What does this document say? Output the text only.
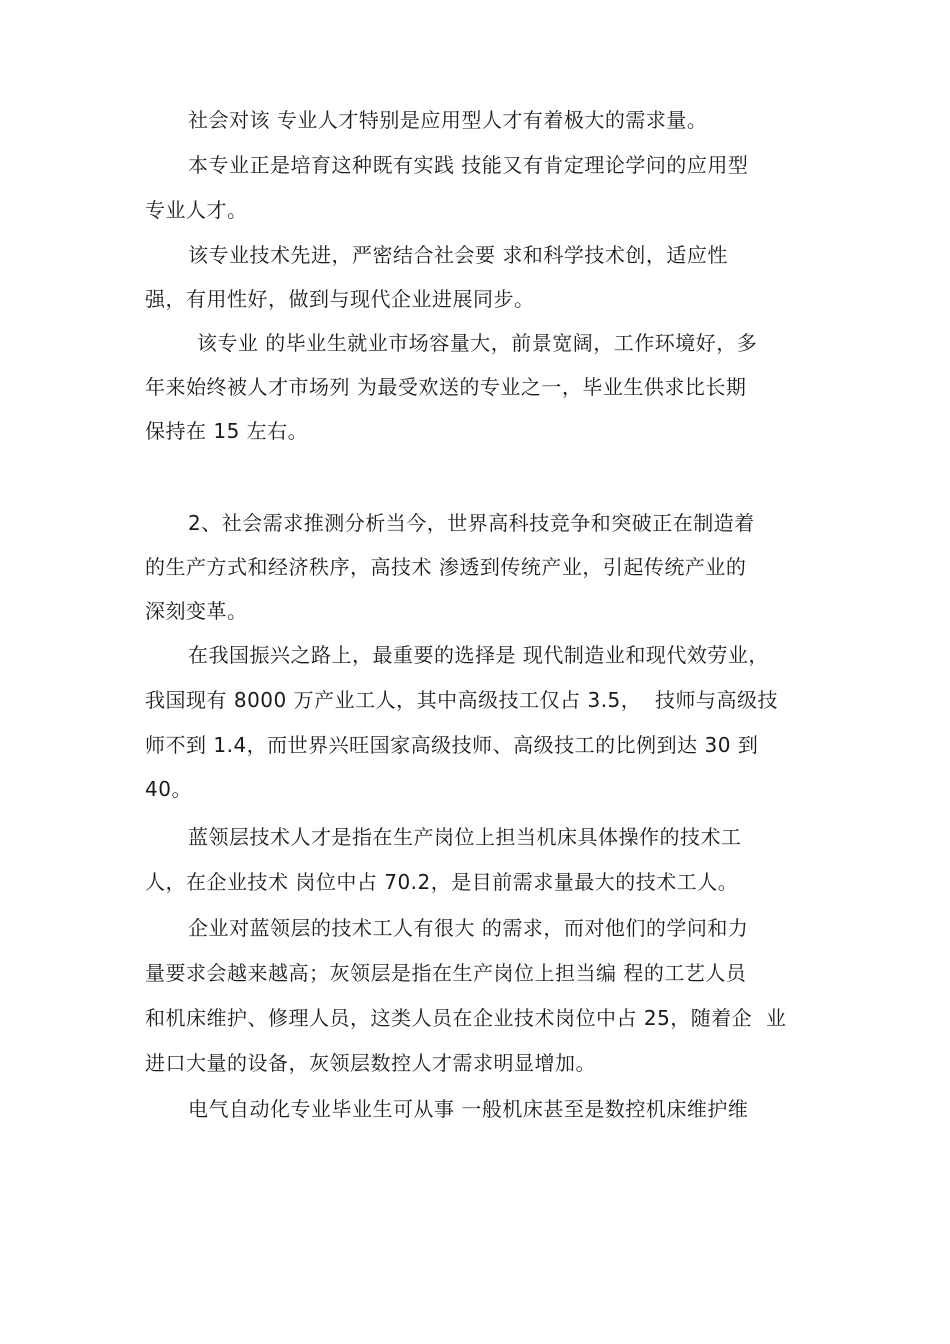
社会对该 专业人才特别是应用型人才有着极大的需求量。
本专业正是培育这种既有实践 技能又有肯定理论学问的应用型
专业人才。
该专业技术先进，严密结合社会要 求和科学技术创，适应性
强，有用性好，做到与现代企业进展同步。
该专业 的毕业生就业市场容量大，前景宽阔，工作环境好，多
年来始终被人才市场列 为最受欢送的专业之一，毕业生供求比长期
保持在 15 左右。
2、社会需求推测分析当今，世界高科技竞争和突破正在制造着
的生产方式和经济秩序，高技术 渗透到传统产业，引起传统产业的
深刻变革。
在我国振兴之路上，最重要的选择是 现代制造业和现代效劳业，
我国现有 8000 万产业工人，其中高级技工仅占 3.5，  技师与高级技
师不到 1.4，而世界兴旺国家高级技师、高级技工的比例到达 30 到
40。
蓝领层技术人才是指在生产岗位上担当机床具体操作的技术工
人，在企业技术 岗位中占 70.2，是目前需求量最大的技术工人。
企业对蓝领层的技术工人有很大 的需求，而对他们的学问和力
量要求会越来越高；灰领层是指在生产岗位上担当编 程的工艺人员
和机床维护、修理人员，这类人员在企业技术岗位中占 25，随着企  业
进口大量的设备，灰领层数控人才需求明显增加。
电气自动化专业毕业生可从事 一般机床甚至是数控机床维护维
